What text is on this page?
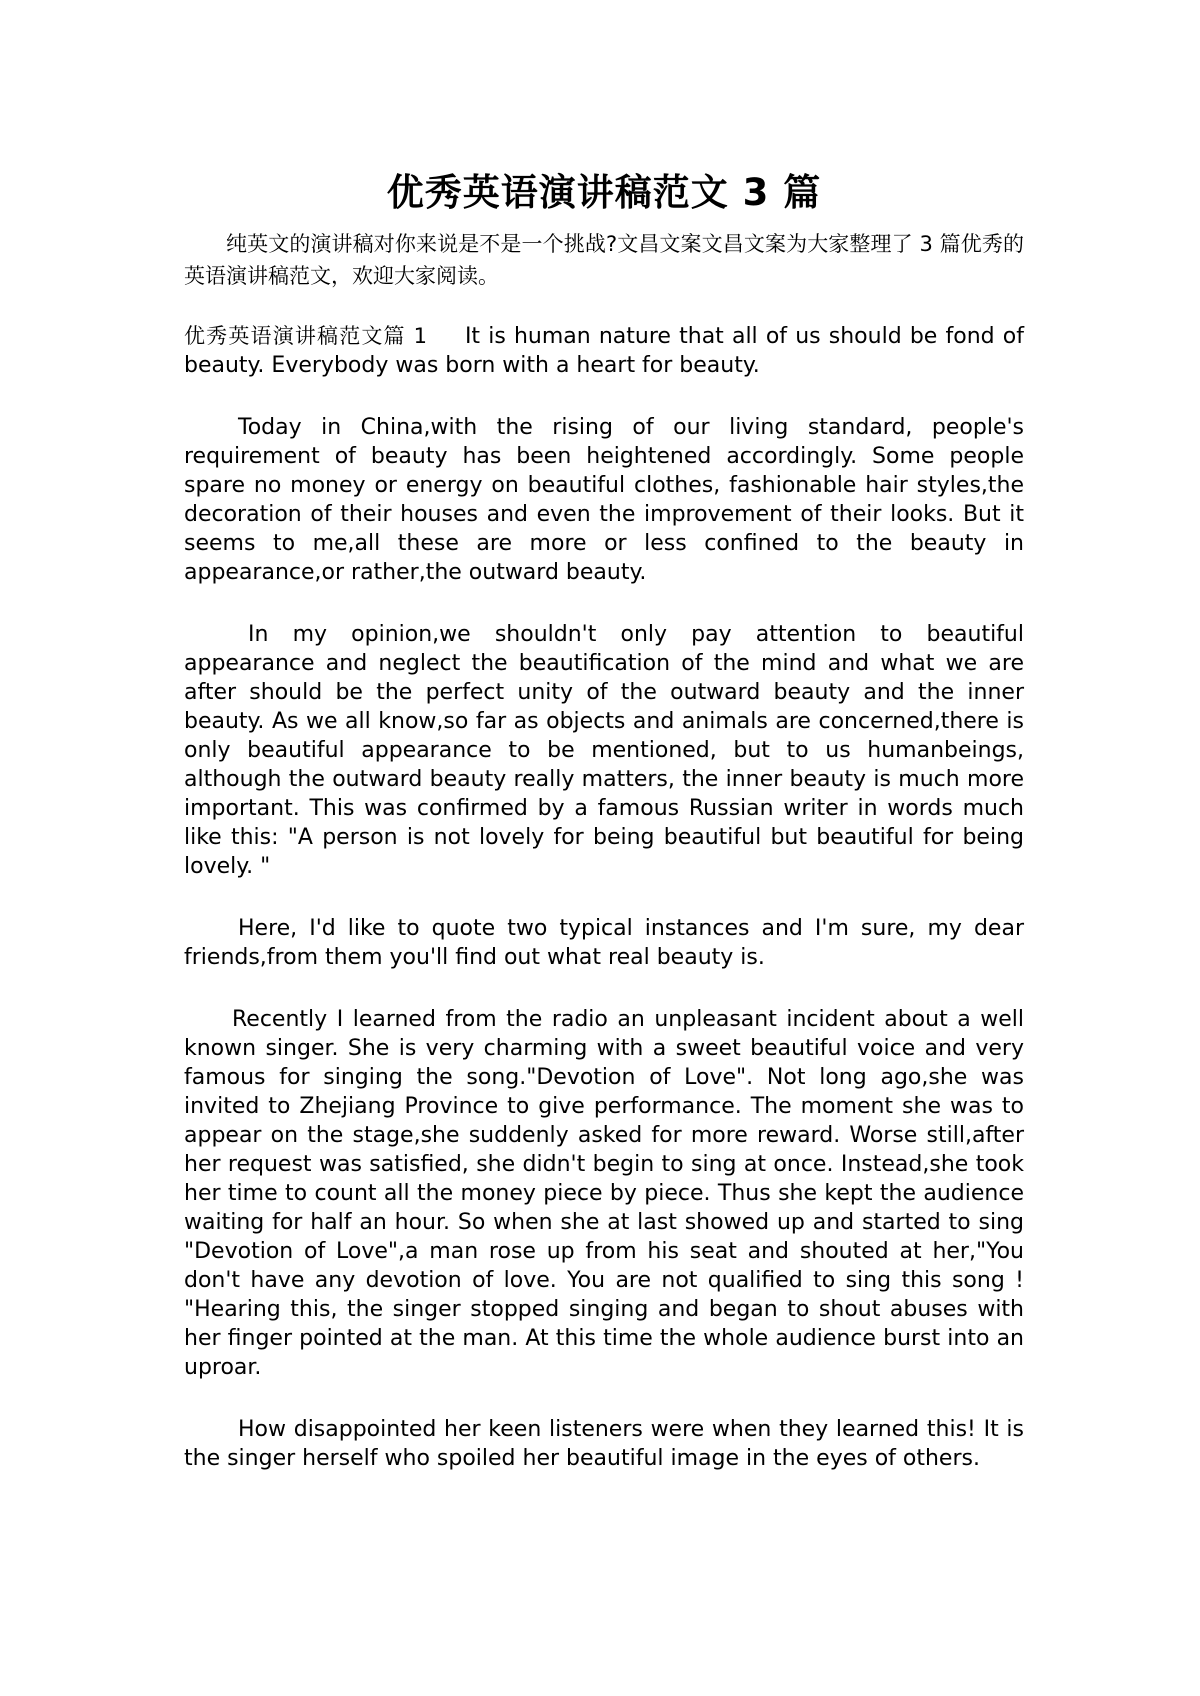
优秀英语演讲稿范文 3 篇

纯英文的演讲稿对你来说是不是一个挑战?文昌文案文昌文案为大家整理了 3 篇优秀的英语演讲稿范文，欢迎大家阅读。

优秀英语演讲稿范文篇 1 It is human nature that all of us should be fond of beauty. Everybody was born with a heart for beauty.

Today in China,with the rising of our living standard, people's requirement of beauty has been heightened accordingly. Some people spare no money or energy on beautiful clothes, fashionable hair styles,the decoration of their houses and even the improvement of their looks. But it seems to me,all these are more or less confined to the beauty in appearance,or rather,the outward beauty.

In my opinion,we shouldn't only pay attention to beautiful appearance and neglect the beautification of the mind and what we are after should be the perfect unity of the outward beauty and the inner beauty. As we all know,so far as objects and animals are concerned,there is only beautiful appearance to be mentioned, but to us humanbeings, although the outward beauty really matters, the inner beauty is much more important. This was confirmed by a famous Russian writer in words much like this: "A person is not lovely for being beautiful but beautiful for being lovely. "

Here, I'd like to quote two typical instances and I'm sure, my dear friends,from them you'll find out what real beauty is.

Recently I learned from the radio an unpleasant incident about a well known singer. She is very charming with a sweet beautiful voice and very famous for singing the song."Devotion of Love". Not long ago,she was invited to Zhejiang Province to give performance. The moment she was to appear on the stage,she suddenly asked for more reward. Worse still,after her request was satisfied, she didn't begin to sing at once. Instead,she took her time to count all the money piece by piece. Thus she kept the audience waiting for half an hour. So when she at last showed up and started to sing "Devotion of Love",a man rose up from his seat and shouted at her,"You don't have any devotion of love. You are not qualified to sing this song ! "Hearing this, the singer stopped singing and began to shout abuses with her finger pointed at the man. At this time the whole audience burst into an uproar.

How disappointed her keen listeners were when they learned this! It is the singer herself who spoiled her beautiful image in the eyes of others.
